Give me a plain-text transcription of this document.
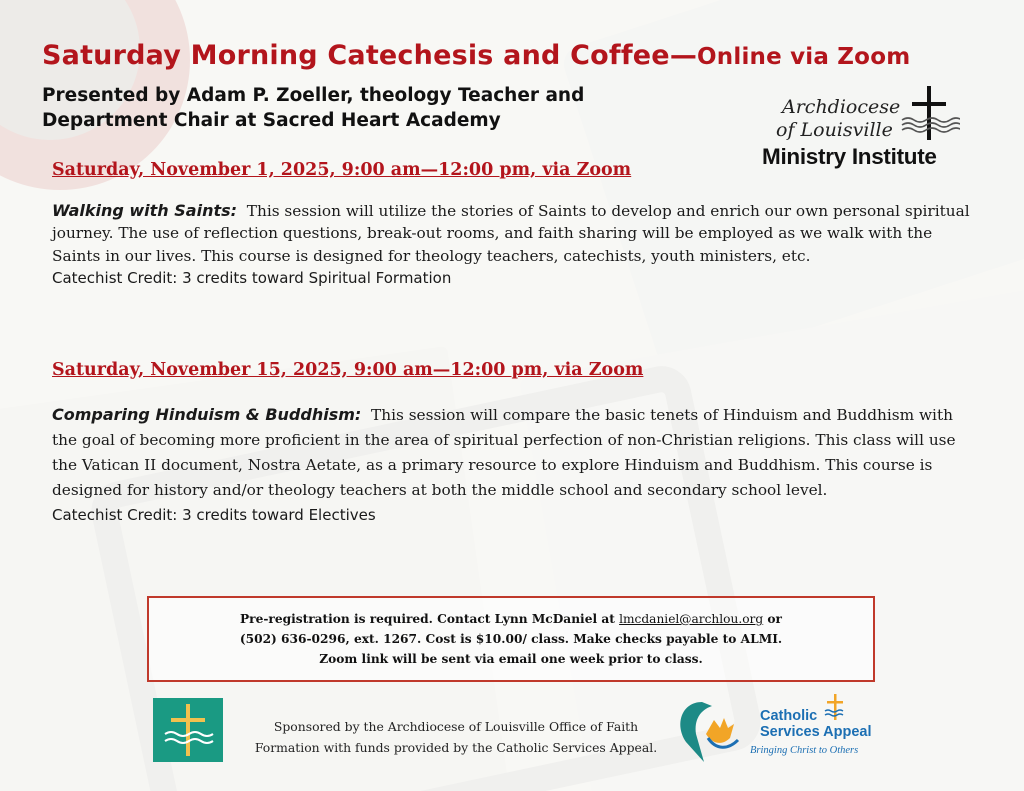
Saturday Morning Catechesis and Coffee—Online via Zoom

Presented by Adam P. Zoeller, theology Teacher and
Department Chair at Sacred Heart Academy

Archdiocese
of Louisville
Ministry Institute
Saturday, November 1, 2025, 9:00 am—12:00 pm, via Zoom

Walking with Saints: This session will utilize the stories of Saints to develop and enrich our own personal spiritual journey. The use of reflection questions, break-out rooms, and faith sharing will be employed as we walk with the Saints in our lives. This course is designed for theology teachers, catechists, youth ministers, etc.
Catechist Credit: 3 credits toward Spiritual Formation

Saturday, November 15, 2025, 9:00 am—12:00 pm, via Zoom

Comparing Hinduism & Buddhism: This session will compare the basic tenets of Hinduism and Buddhism with the goal of becoming more proficient in the area of spiritual perfection of non-Christian religions. This class will use the Vatican II document, Nostra Aetate, as a primary resource to explore Hinduism and Buddhism. This course is designed for history and/or theology teachers at both the middle school and secondary school level.
Catechist Credit: 3 credits toward Electives

Pre-registration is required. Contact Lynn McDaniel at lmcdaniel@archlou.org or
(502) 636-0296, ext. 1267. Cost is $10.00/ class. Make checks payable to ALMI.
Zoom link will be sent via email one week prior to class.

Sponsored by the Archdiocese of Louisville Office of Faith
Formation with funds provided by the Catholic Services Appeal.

Catholic
Services Appeal
Bringing Christ to Others
